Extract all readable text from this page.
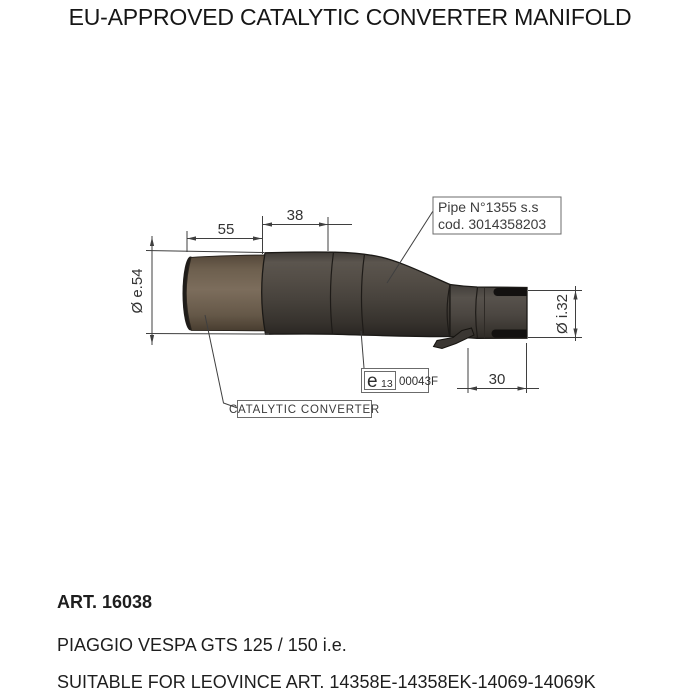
EU-APPROVED CATALYTIC CONVERTER MANIFOLD
55
38
30
Ø e.54
Ø i.32
Pipe N°1355 s.s
cod. 3014358203
e 13 00043F
CATALYTIC CONVERTER
ART. 16038
PIAGGIO VESPA GTS 125 / 150 i.e.
SUITABLE FOR LEOVINCE ART. 14358E-14358EK-14069-14069K
